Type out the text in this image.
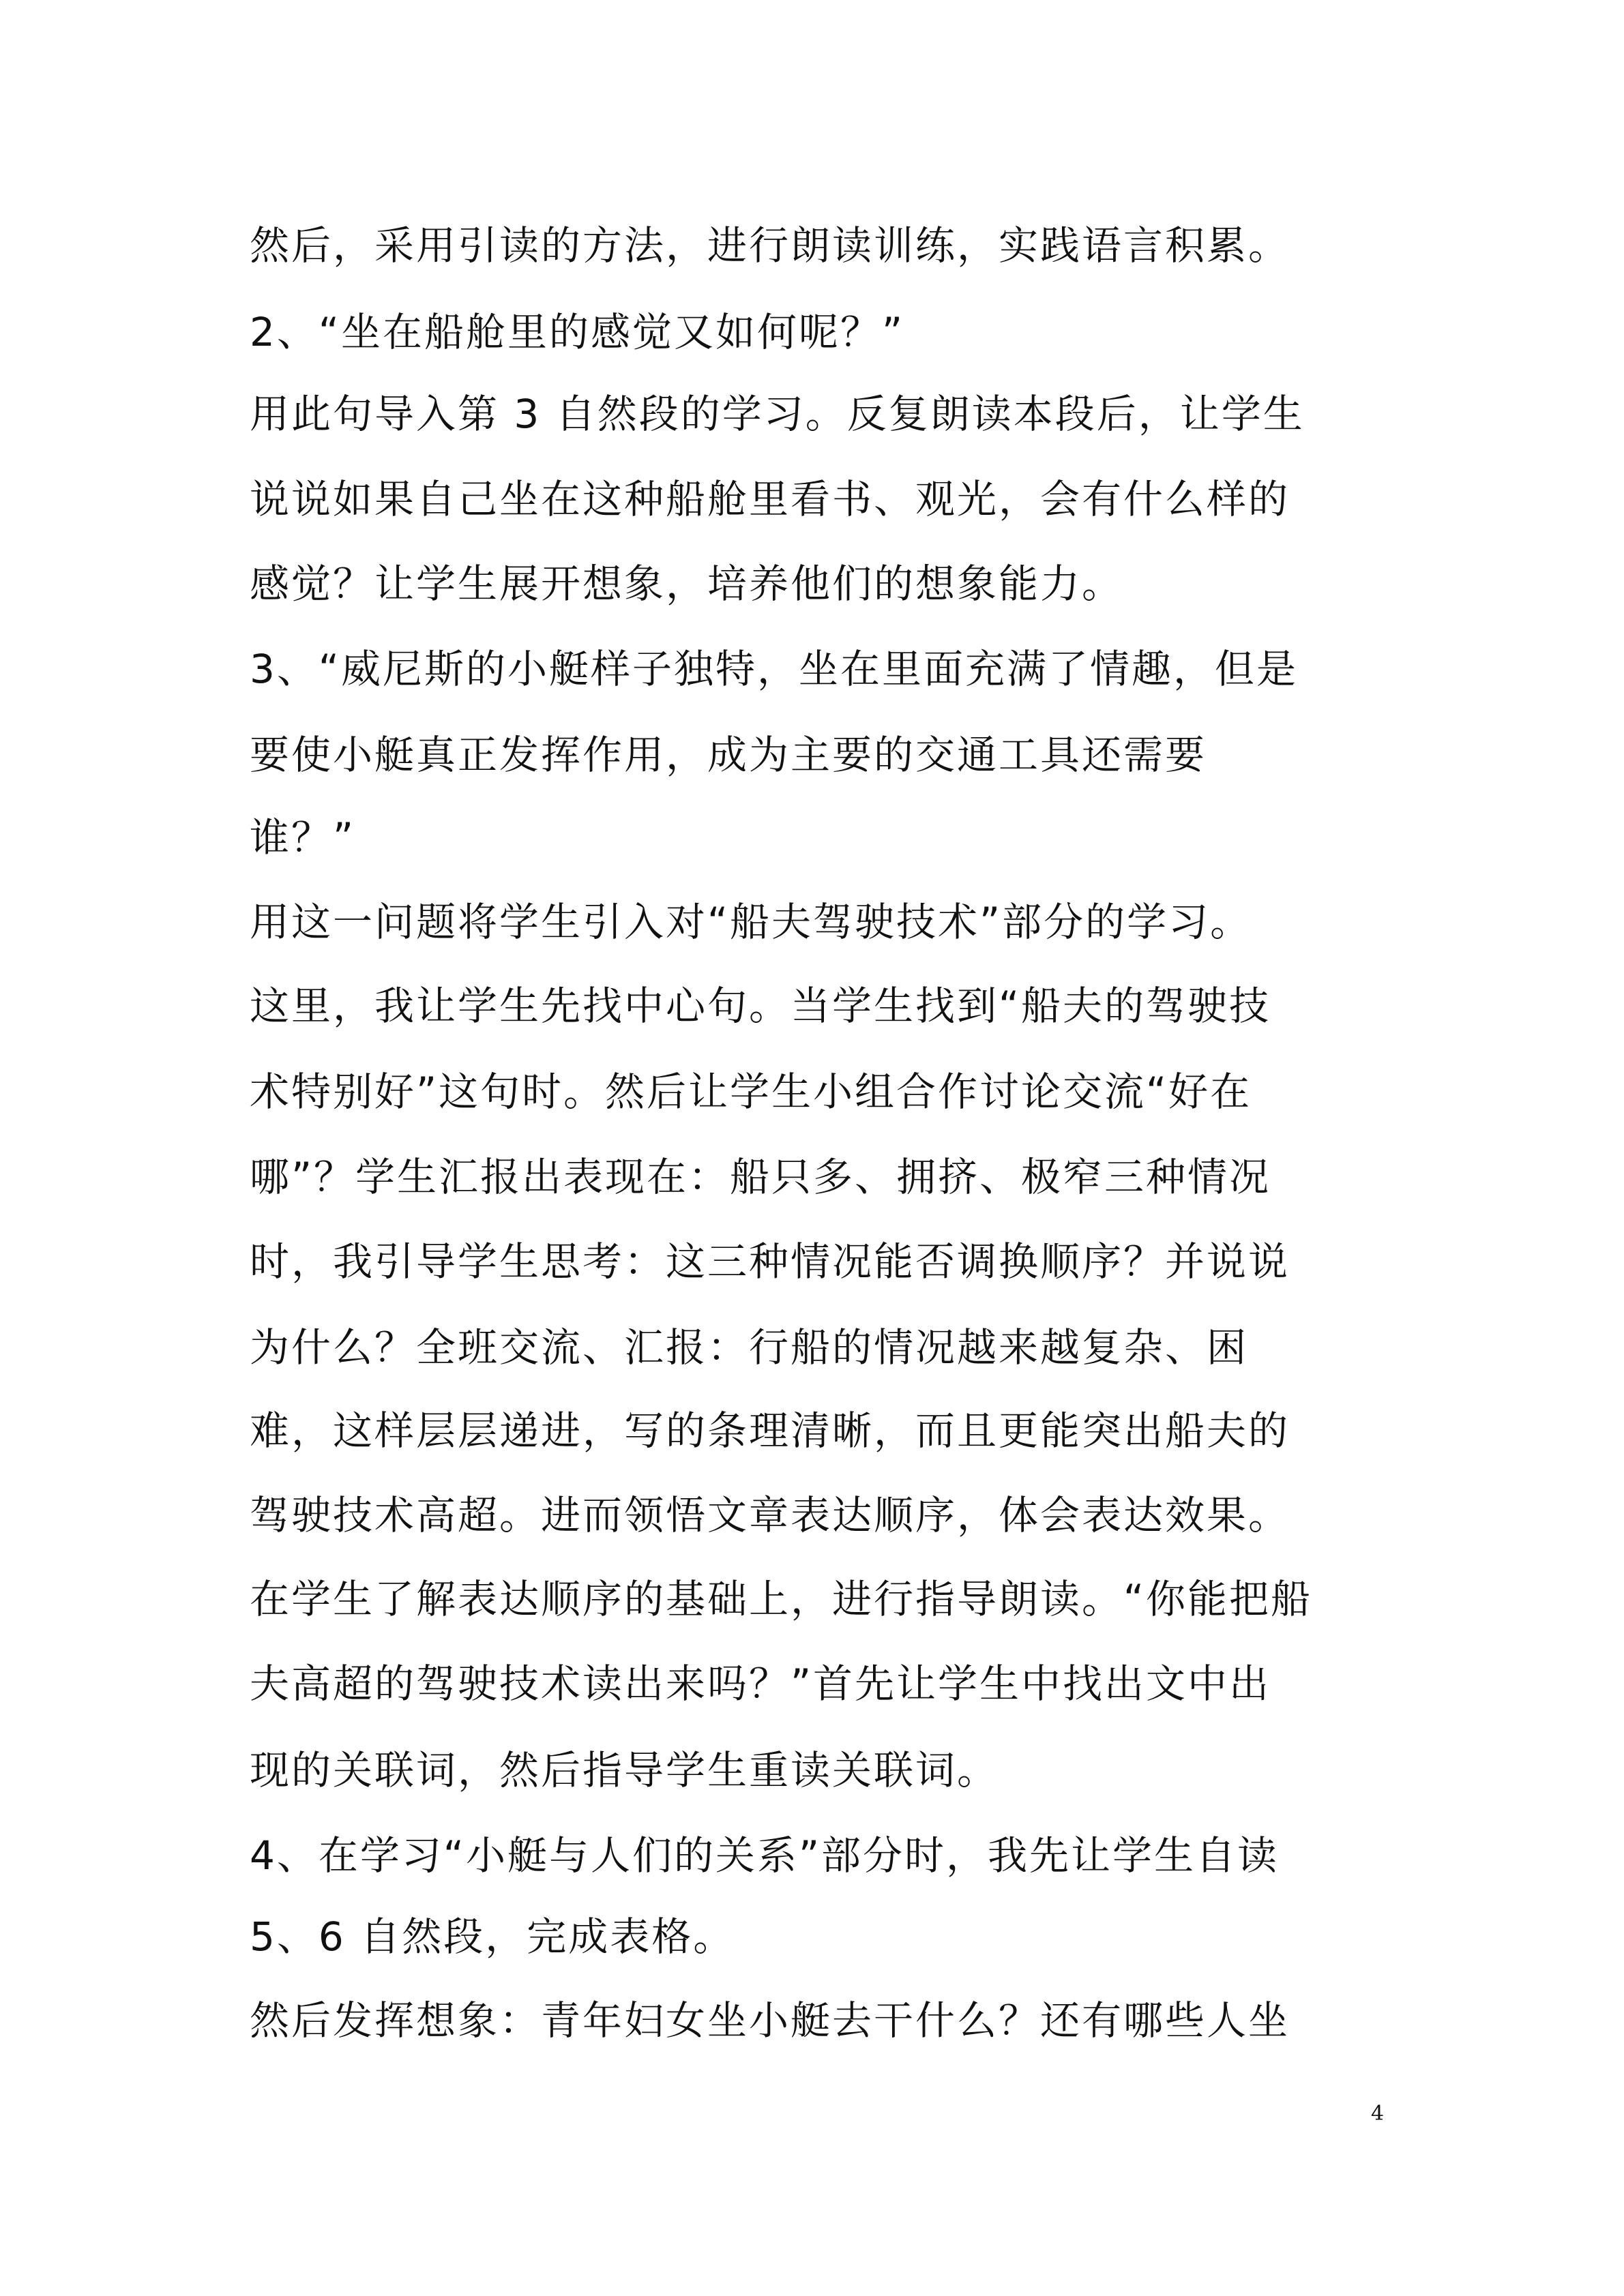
然后，采用引读的方法，进行朗读训练，实践语言积累。

2、“坐在船舱里的感觉又如何呢？”

用此句导入第 3 自然段的学习。反复朗读本段后，让学生

说说如果自己坐在这种船舱里看书、观光，会有什么样的

感觉？让学生展开想象，培养他们的想象能力。

3、“威尼斯的小艇样子独特，坐在里面充满了情趣，但是

要使小艇真正发挥作用，成为主要的交通工具还需要

谁？”

用这一问题将学生引入对“船夫驾驶技术”部分的学习。

这里，我让学生先找中心句。当学生找到“船夫的驾驶技

术特别好”这句时。然后让学生小组合作讨论交流“好在

哪”？学生汇报出表现在：船只多、拥挤、极窄三种情况

时，我引导学生思考：这三种情况能否调换顺序？并说说

为什么？全班交流、汇报：行船的情况越来越复杂、困

难，这样层层递进，写的条理清晰，而且更能突出船夫的

驾驶技术高超。进而领悟文章表达顺序，体会表达效果。

在学生了解表达顺序的基础上，进行指导朗读。“你能把船

夫高超的驾驶技术读出来吗？”首先让学生中找出文中出

现的关联词，然后指导学生重读关联词。

4、在学习“小艇与人们的关系”部分时，我先让学生自读

5、6 自然段，完成表格。

然后发挥想象：青年妇女坐小艇去干什么？还有哪些人坐

4
